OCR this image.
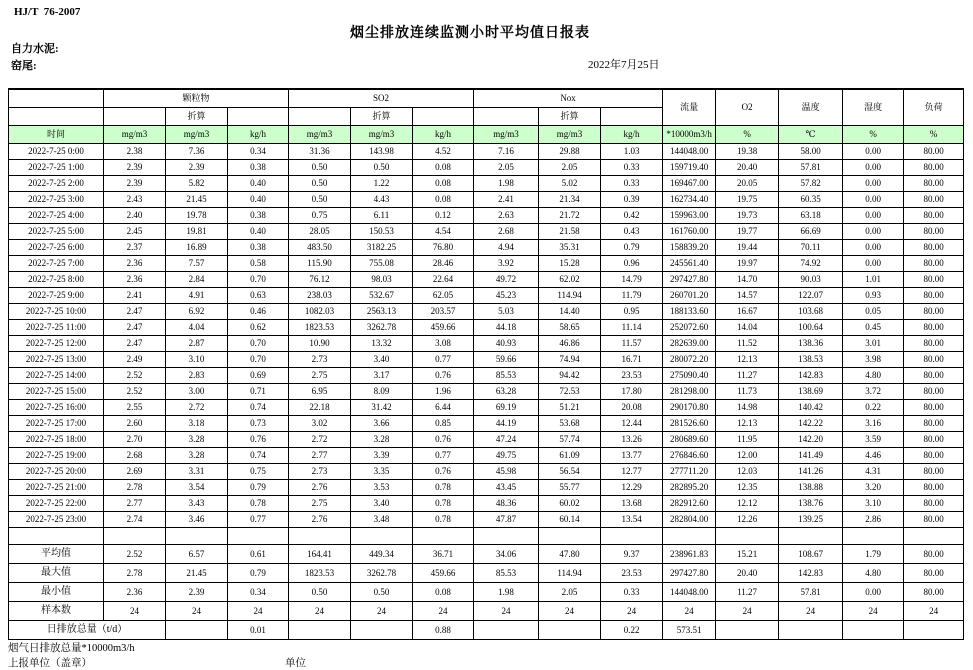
HJ/T  76-2007
烟尘排放连续监测小时平均值日报表
自力水泥:
窑尾:	2022年7月25日
	颗粒物			SO2			Nox			流量	O2	温度	湿度	负荷	
		折算			折算			折算							
时间	mg/m3	mg/m3	kg/h	mg/m3	mg/m3	kg/h	mg/m3	mg/m3	kg/h	*10000m3/h	%	℃	%	%	
2022-7-25 0:00	2.38	7.36	0.34	31.36	143.98	4.52	7.16	29.88	1.03	144048.00	19.38	58.00	0.00	80.00	
2022-7-25 1:00	2.39	2.39	0.38	0.50	0.50	0.08	2.05	2.05	0.33	159719.40	20.40	57.81	0.00	80.00	
2022-7-25 2:00	2.39	5.82	0.40	0.50	1.22	0.08	1.98	5.02	0.33	169467.00	20.05	57.82	0.00	80.00	
2022-7-25 3:00	2.43	21.45	0.40	0.50	4.43	0.08	2.41	21.34	0.39	162734.40	19.75	60.35	0.00	80.00	
2022-7-25 4:00	2.40	19.78	0.38	0.75	6.11	0.12	2.63	21.72	0.42	159963.00	19.73	63.18	0.00	80.00	
2022-7-25 5:00	2.45	19.81	0.40	28.05	150.53	4.54	2.68	21.58	0.43	161760.00	19.77	66.69	0.00	80.00	
2022-7-25 6:00	2.37	16.89	0.38	483.50	3182.25	76.80	4.94	35.31	0.79	158839.20	19.44	70.11	0.00	80.00	
2022-7-25 7:00	2.36	7.57	0.58	115.90	755.08	28.46	3.92	15.28	0.96	245561.40	19.97	74.92	0.00	80.00	
2022-7-25 8:00	2.36	2.84	0.70	76.12	98.03	22.64	49.72	62.02	14.79	297427.80	14.70	90.03	1.01	80.00	
2022-7-25 9:00	2.41	4.91	0.63	238.03	532.67	62.05	45.23	114.94	11.79	260701.20	14.57	122.07	0.93	80.00	
2022-7-25 10:00	2.47	6.92	0.46	1082.03	2563.13	203.57	5.03	14.40	0.95	188133.60	16.67	103.68	0.05	80.00	
2022-7-25 11:00	2.47	4.04	0.62	1823.53	3262.78	459.66	44.18	58.65	11.14	252072.60	14.04	100.64	0.45	80.00	
2022-7-25 12:00	2.47	2.87	0.70	10.90	13.32	3.08	40.93	46.86	11.57	282639.00	11.52	138.36	3.01	80.00	
2022-7-25 13:00	2.49	3.10	0.70	2.73	3.40	0.77	59.66	74.94	16.71	280072.20	12.13	138.53	3.98	80.00	
2022-7-25 14:00	2.52	2.83	0.69	2.75	3.17	0.76	85.53	94.42	23.53	275090.40	11.27	142.83	4.80	80.00	
2022-7-25 15:00	2.52	3.00	0.71	6.95	8.09	1.96	63.28	72.53	17.80	281298.00	11.73	138.69	3.72	80.00	
2022-7-25 16:00	2.55	2.72	0.74	22.18	31.42	6.44	69.19	51.21	20.08	290170.80	14.98	140.42	0.22	80.00	
2022-7-25 17:00	2.60	3.18	0.73	3.02	3.66	0.85	44.19	53.68	12.44	281526.60	12.13	142.22	3.16	80.00	
2022-7-25 18:00	2.70	3.28	0.76	2.72	3.28	0.76	47.24	57.74	13.26	280689.60	11.95	142.20	3.59	80.00	
2022-7-25 19:00	2.68	3.28	0.74	2.77	3.39	0.77	49.75	61.09	13.77	276846.60	12.00	141.49	4.46	80.00	
2022-7-25 20:00	2.69	3.31	0.75	2.73	3.35	0.76	45.98	56.54	12.77	277711.20	12.03	141.26	4.31	80.00	
2022-7-25 21:00	2.78	3.54	0.79	2.76	3.53	0.78	43.45	55.77	12.29	282895.20	12.35	138.88	3.20	80.00	
2022-7-25 22:00	2.77	3.43	0.78	2.75	3.40	0.78	48.36	60.02	13.68	282912.60	12.12	138.76	3.10	80.00	
2022-7-25 23:00	2.74	3.46	0.77	2.76	3.48	0.78	47.87	60.14	13.54	282804.00	12.26	139.25	2.86	80.00	

平均值	2.52	6.57	0.61	164.41	449.34	36.71	34.06	47.80	9.37	238961.83	15.21	108.67	1.79	80.00	
最大值	2.78	21.45	0.79	1823.53	3262.78	459.66	85.53	114.94	23.53	297427.80	20.40	142.83	4.80	80.00	
最小值	2.36	2.39	0.34	0.50	0.50	0.08	1.98	2.05	0.33	144048.00	11.27	57.81	0.00	80.00	
样本数	24	24	24	24	24	24	24	24	24	24	24	24	24	24	
日排放总量（t/d）			0.01			0.88			0.22	573.51					
烟气日排放总量*10000m3/h
上报单位（盖章）	单位
